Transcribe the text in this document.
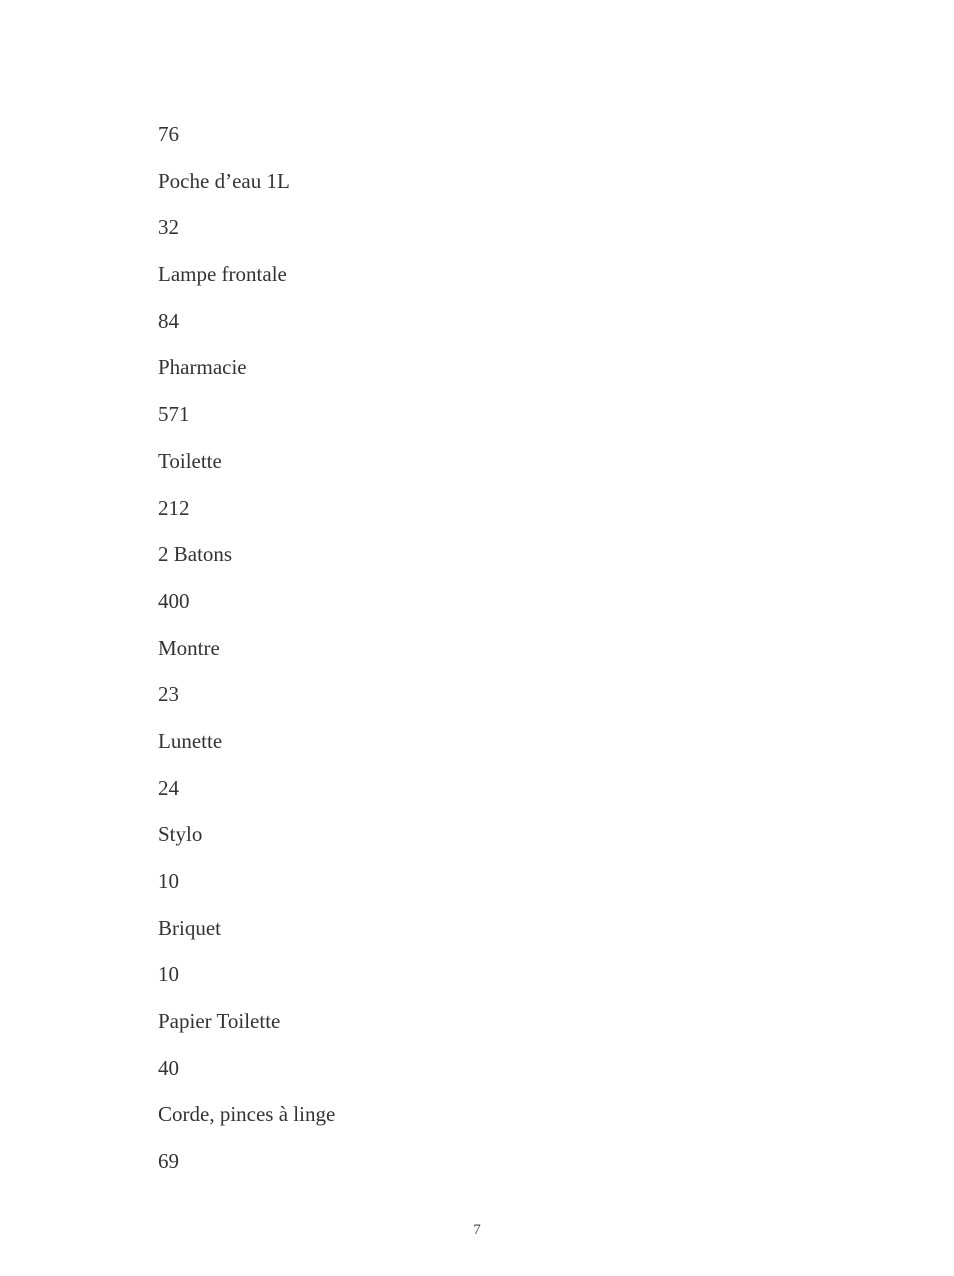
76
Poche d’eau 1L
32
Lampe frontale
84
Pharmacie
571
Toilette
212
2 Batons
400
Montre
23
Lunette
24
Stylo
10
Briquet
10
Papier Toilette
40
Corde, pinces à linge
69
7
